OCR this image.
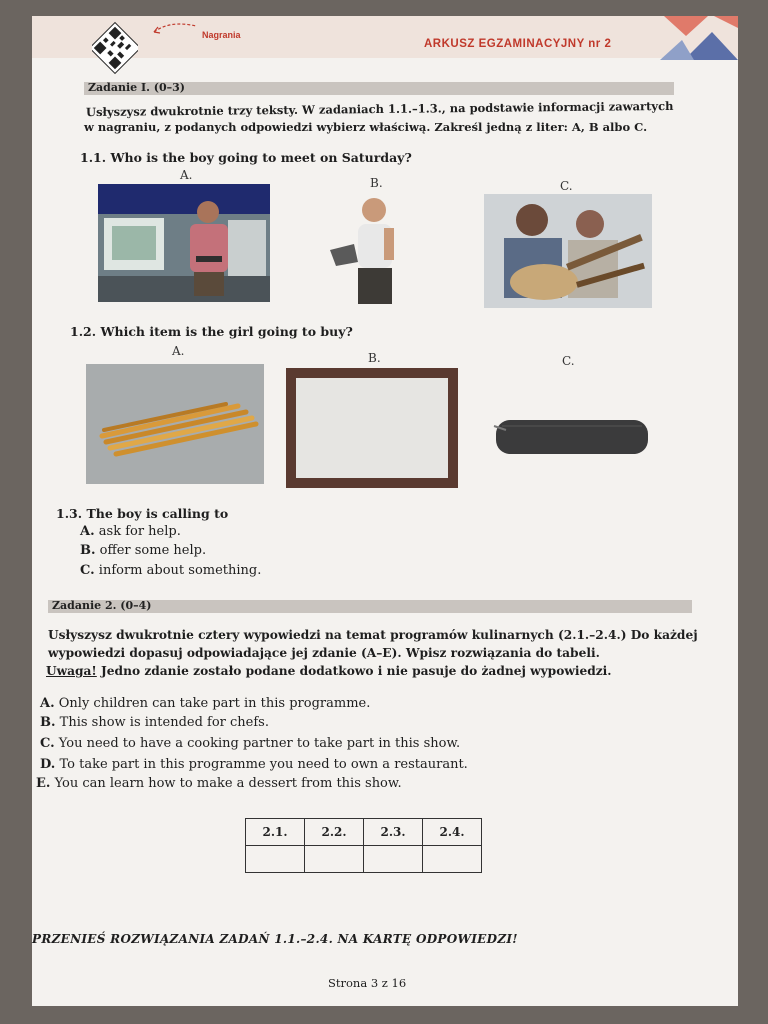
Nagrania
ARKUSZ EGZAMINACYJNY nr 2
Zadanie I. (0–3)
Usłyszysz dwukrotnie trzy teksty. W zadaniach 1.1.–1.3., na podstawie informacji zawartych
w nagraniu, z podanych odpowiedzi wybierz właściwą. Zakreśl jedną z liter: A, B albo C.
1.1. Who is the boy going to meet on Saturday?
A.
B.	C.
1.2. Which item is the girl going to buy?
A.	B.	C.
1.3. The boy is calling to
A. ask for help.
B. offer some help.
C. inform about something.
Zadanie 2. (0–4)
Usłyszysz dwukrotnie cztery wypowiedzi na temat programów kulinarnych (2.1.–2.4.) Do każdej
wypowiedzi dopasuj odpowiadające jej zdanie (A–E). Wpisz rozwiązania do tabeli.
Uwaga! Jedno zdanie zostało podane dodatkowo i nie pasuje do żadnej wypowiedzi.
A. Only children can take part in this programme.
B. This show is intended for chefs.
C. You need to have a cooking partner to take part in this show.
D. To take part in this programme you need to own a restaurant.
E. You can learn how to make a dessert from this show.
2.1.	2.2.	2.3.	2.4.

PRZENIEŚ ROZWIĄZANIA ZADAŃ 1.1.–2.4. NA KARTĘ ODPOWIEDZI!
Strona 3 z 16
